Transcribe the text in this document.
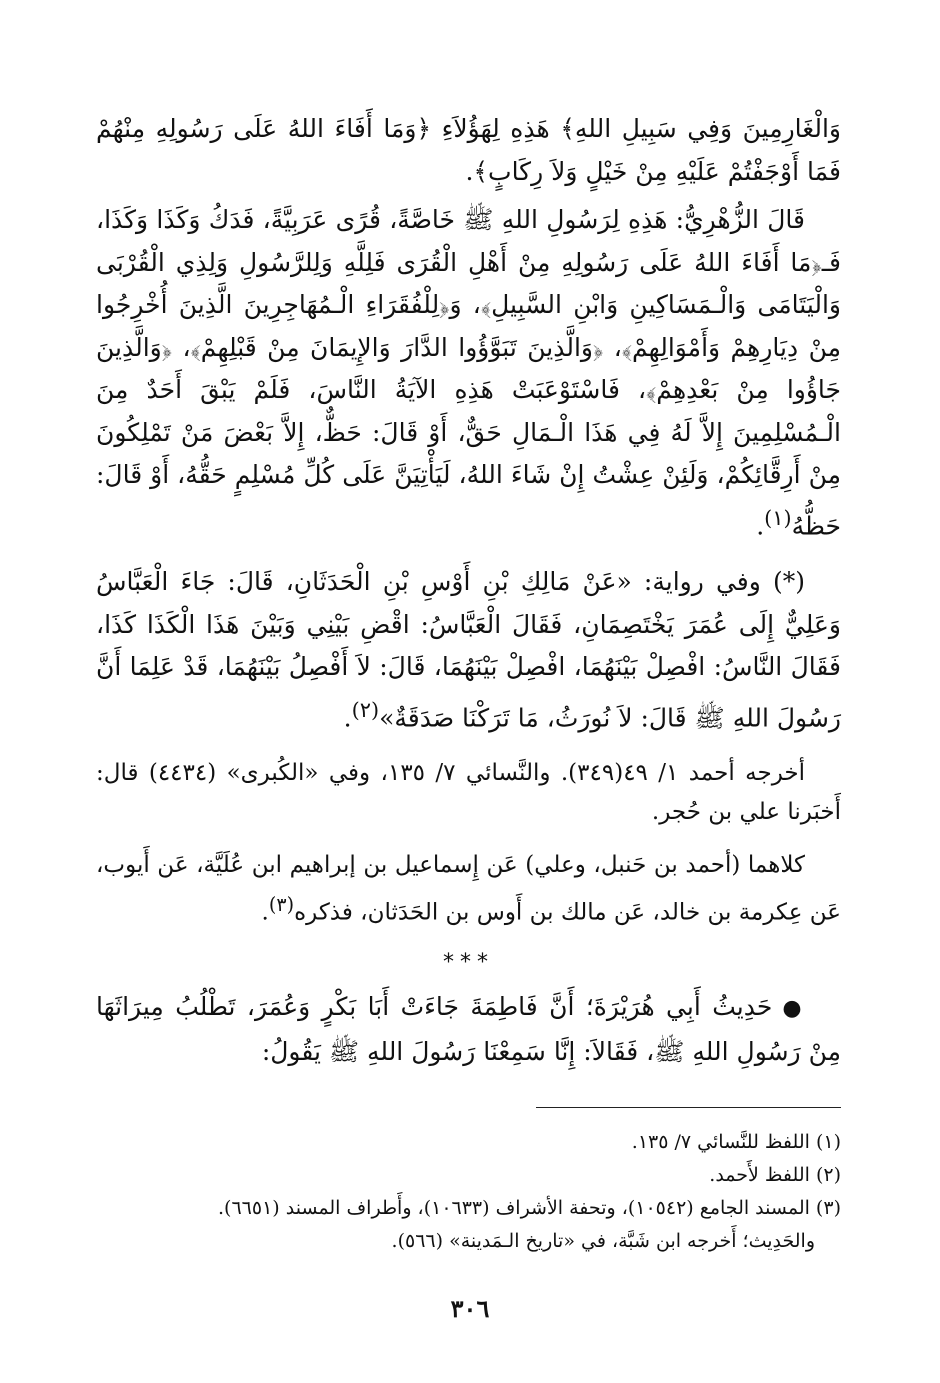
وَالْغَارِمِينَ وَفِي سَبِيلِ اللهِ﴾ هَذِهِ لِهَؤُلاَءِ ﴿وَمَا أَفَاءَ اللهُ عَلَى رَسُولِهِ مِنْهُمْ فَمَا أَوْجَفْتُمْ عَلَيْهِ مِنْ خَيْلٍ وَلاَ رِكَابٍ﴾.

قَالَ الزُّهْرِيُّ: هَذِهِ لِرَسُولِ اللهِ ﷺ خَاصَّةً، قُرًى عَرَبِيَّةً، فَدَكُ وَكَذَا وَكَذَا، فَـ﴿مَا أَفَاءَ اللهُ عَلَى رَسُولِهِ مِنْ أَهْلِ الْقُرَى فَلِلَّهِ وَلِلرَّسُولِ وَلِذِي الْقُرْبَى وَالْيَتَامَى وَالْـمَسَاكِينِ وَابْنِ السَّبِيلِ﴾، وَ﴿لِلْفُقَرَاءِ الْـمُهَاجِرِينَ الَّذِينَ أُخْرِجُوا مِنْ دِيَارِهِمْ وَأَمْوَالِهِمْ﴾، ﴿وَالَّذِينَ تَبَوَّؤُوا الدَّارَ وَالإِيمَانَ مِنْ قَبْلِهِمْ﴾، ﴿وَالَّذِينَ جَاؤُوا مِنْ بَعْدِهِمْ﴾، فَاسْتَوْعَبَتْ هَذِهِ الآيَةُ النَّاسَ، فَلَمْ يَبْقَ أَحَدٌ مِنَ الْـمُسْلِمِينَ إِلاَّ لَهُ فِي هَذَا الْـمَالِ حَقٌّ، أَوْ قَالَ: حَظٌّ، إِلاَّ بَعْضَ مَنْ تَمْلِكُونَ مِنْ أَرِقَّائِكُمْ، وَلَئِنْ عِشْتُ إِنْ شَاءَ اللهُ، لَيَأْتِيَنَّ عَلَى كُلِّ مُسْلِمٍ حَقُّهُ، أَوْ قَالَ: حَظُّهُ$^{(١)}$.

(*) وفي رواية: «عَنْ مَالِكِ بْنِ أَوْسِ بْنِ الْحَدَثَانِ، قَالَ: جَاءَ الْعَبَّاسُ وَعَلِيٌّ إِلَى عُمَرَ يَخْتَصِمَانِ، فَقَالَ الْعَبَّاسُ: اقْضِ بَيْنِي وَبَيْنَ هَذَا الْكَذَا كَذَا، فَقَالَ النَّاسُ: افْصِلْ بَيْنَهُمَا، افْصِلْ بَيْنَهُمَا، قَالَ: لاَ أَفْصِلُ بَيْنَهُمَا، قَدْ عَلِمَا أَنَّ رَسُولَ اللهِ ﷺ قَالَ: لاَ نُورَثُ، مَا تَرَكْنَا صَدَقَةٌ»$^{(٢)}$.

أخرجه أحمد ١/ ٤٩(٣٤٩). والنَّسائي ٧/ ١٣٥، وفي «الكُبرى» (٤٤٣٤) قال: أَخبَرنا علي بن حُجر.

كلاهما (أحمد بن حَنبل، وعلي) عَن إِسماعيل بن إبراهيم ابن عُلَيَّة، عَن أَيوب، عَن عِكرمة بن خالد، عَن مالك بن أَوس بن الحَدَثان، فذكره$^{(٣)}$.

***

●حَدِيثُ أَبِي هُرَيْرَةَ؛ أَنَّ فَاطِمَةَ جَاءَتْ أَبَا بَكْرٍ وَعُمَرَ، تَطْلُبُ مِيرَاثَهَا مِنْ رَسُولِ اللهِ ﷺ، فَقَالاَ: إِنَّا سَمِعْنَا رَسُولَ اللهِ ﷺ يَقُولُ:

(١) اللفظ للنَّسائي ٧/ ١٣٥.

(٢) اللفظ لأَحمد.

(٣) المسند الجامع (١٠٥٤٢)، وتحفة الأشراف (١٠٦٣٣)، وأَطراف المسند (٦٦٥١).

والحَدِيث؛ أَخرجه ابن شَبَّة، في «تاريخ الـمَدينة» (٥٦٦).

٣٠٦
